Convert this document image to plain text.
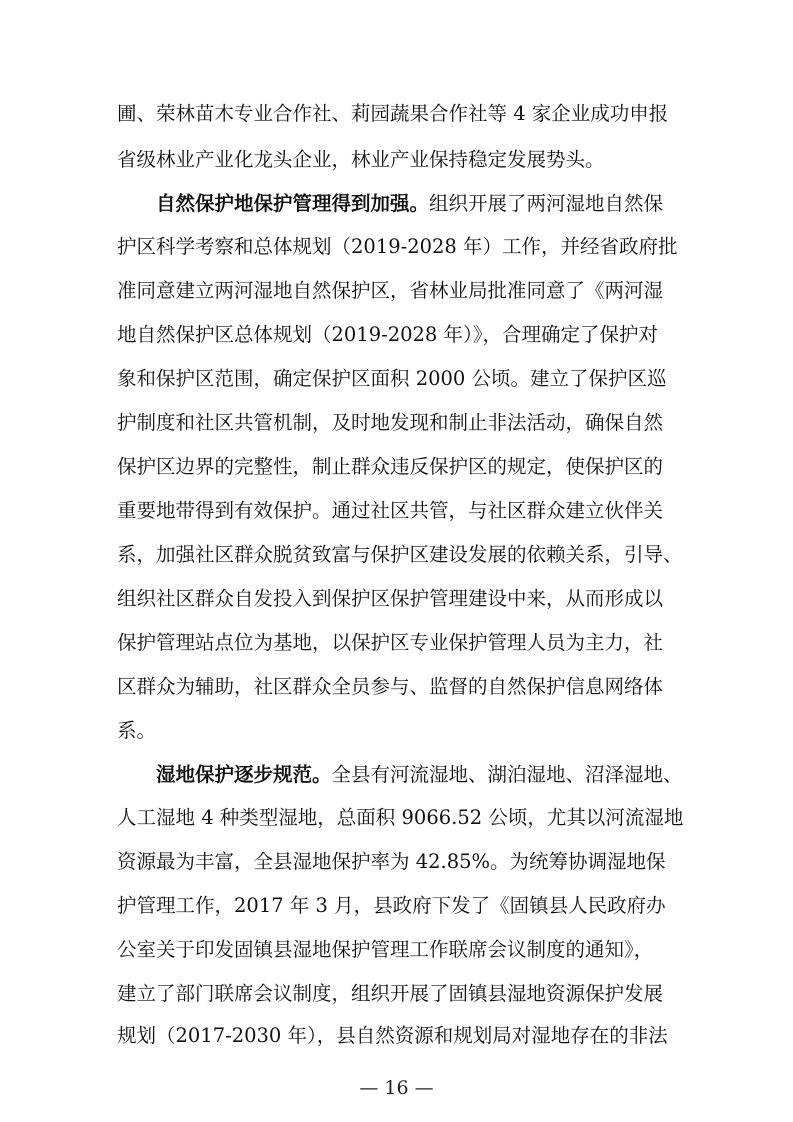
圃、荣林苗木专业合作社、莉园蔬果合作社等 4 家企业成功申报
省级林业产业化龙头企业，林业产业保持稳定发展势头。
自然保护地保护管理得到加强。组织开展了两河湿地自然保
护区科学考察和总体规划（2019-2028 年）工作，并经省政府批
准同意建立两河湿地自然保护区，省林业局批准同意了《两河湿
地自然保护区总体规划（2019-2028 年）》，合理确定了保护对
象和保护区范围，确定保护区面积 2000 公顷。建立了保护区巡
护制度和社区共管机制，及时地发现和制止非法活动，确保自然
保护区边界的完整性，制止群众违反保护区的规定，使保护区的
重要地带得到有效保护。通过社区共管，与社区群众建立伙伴关
系，加强社区群众脱贫致富与保护区建设发展的依赖关系，引导、
组织社区群众自发投入到保护区保护管理建设中来，从而形成以
保护管理站点位为基地，以保护区专业保护管理人员为主力，社
区群众为辅助，社区群众全员参与、监督的自然保护信息网络体
系。
湿地保护逐步规范。全县有河流湿地、湖泊湿地、沼泽湿地、
人工湿地 4 种类型湿地，总面积 9066.52 公顷，尤其以河流湿地
资源最为丰富，全县湿地保护率为 42.85%。为统筹协调湿地保
护管理工作，2017 年 3 月，县政府下发了《固镇县人民政府办
公室关于印发固镇县湿地保护管理工作联席会议制度的通知》，
建立了部门联席会议制度，组织开展了固镇县湿地资源保护发展
规划（2017-2030 年），县自然资源和规划局对湿地存在的非法
— 16 —
